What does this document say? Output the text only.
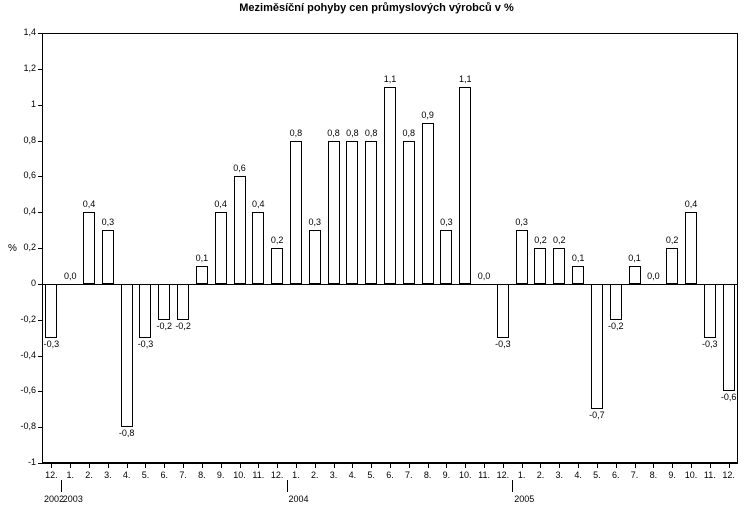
Meziměsíční pohyby cen průmyslových výrobců v %
%
1,4
1,2
1
0,8
0,6
0,4
0,2
0
-0,2
-0,4
-0,6
-0,8
-1
-0,3
0,0
0,4
0,3
-0,8
-0,3
-0,2 -0,2
0,1
0,4
0,6
0,4
0,2
0,8
0,3
0,8 0,8 0,8
1,1
0,8
0,9
0,3
1,1
0,0
-0,3
0,3
0,2 0,2
0,1
-0,7
-0,2
0,1
0,0
0,2
0,4
-0,3
-0,6
12. 1.	2.	3.	4.	5.	6.	7.	8.	9. 10. 11. 12. 1.	2.	3.	4.	5.	6.	7.	8.	9. 10. 11. 12. 1.	2.	3.	4.	5.	6.	7.	8.	9. 10. 11. 12.
2002
2003	2004	2005
